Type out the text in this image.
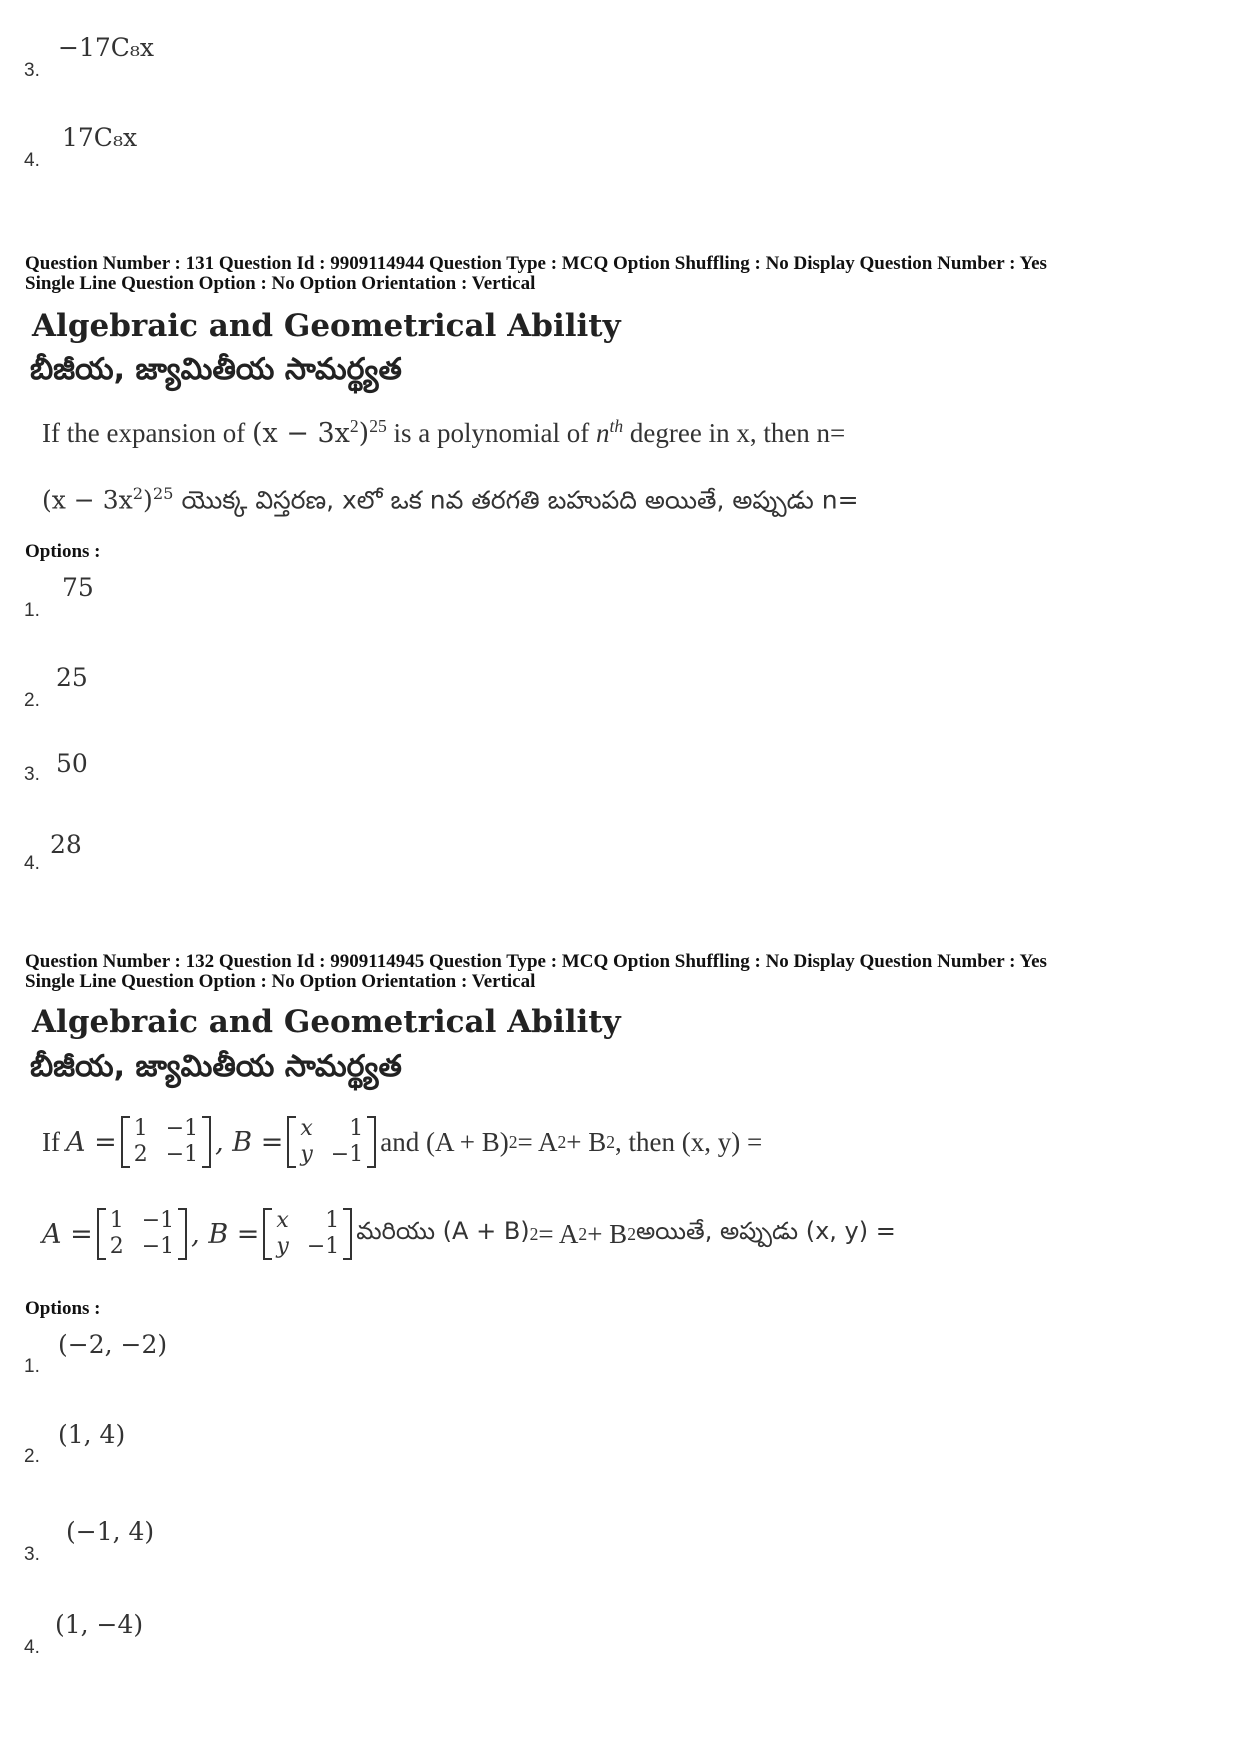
3.
−17C₈x
4.
17C₈x
Question Number : 131 Question Id : 9909114944 Question Type : MCQ Option Shuffling : No Display Question Number : Yes
Single Line Question Option : No Option Orientation : Vertical
Algebraic and Geometrical Ability
బీజీయ, జ్యామితీయ సామర్థ్యత
If the expansion of $(x - 3x^2)^{25}$ is a polynomial of $n^{th}$ degree in x, then n=
$(x - 3x^2)^{25}$ యొక్క విస్తరణ, xలో ఒక nవ తరగతి బహుపది అయితే, అప్పుడు n=
Options :
1.
75
2.
25
3. 50
4.
28
Question Number : 132 Question Id : 9909114945 Question Type : MCQ Option Shuffling : No Display Question Number : Yes
Single Line Question Option : No Option Orientation : Vertical
Algebraic and Geometrical Ability
బీజీయ, జ్యామితీయ సామర్థ్యత
If A = 1 −1
2 −1 , B = x	1
y −1 and (A + B) 2 = A 2 + B 2 , then (x, y) =
A = 1 −1
2 −1 , B = x	1
y −1
మరియు (A + B) 2 = A 2 + B 2 అయితే, అప్పుడు (x, y) =
Options :
1.
(−2, −2)
2.
(1, 4)
3.
(−1, 4)
4.
(1, −4)
